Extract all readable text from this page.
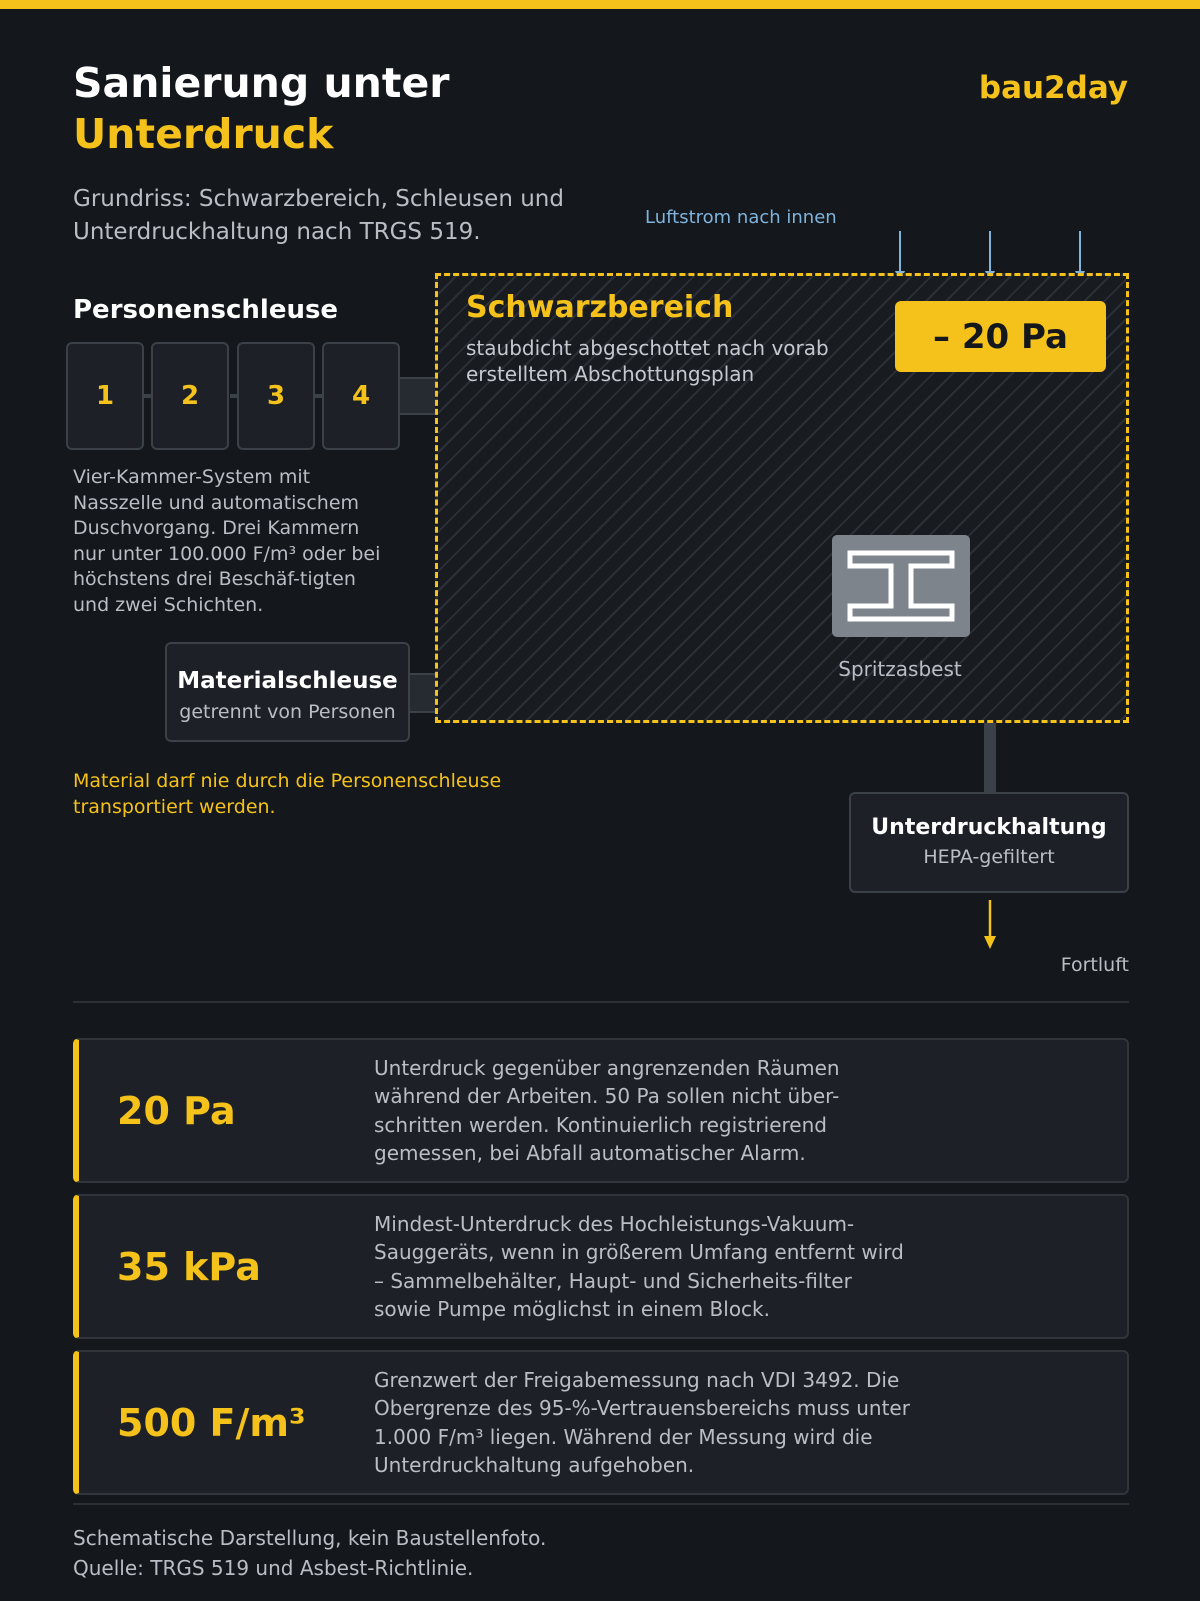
Sanierung unter
Unterdruck
bau2day
Grundriss: Schwarzbereich, Schleusen und Unterdruckhaltung nach TRGS 519.
Luftstrom nach innen
Personenschleuse
1	2	3	4
Vier-Kammer-System mit Nasszelle und automatischem Duschvorgang. Drei Kammern nur unter 100.000 F/m³ oder bei höchstens drei Beschäf-tigten und zwei Schichten.
Materialschleuse
getrennt von Personen
Material darf nie durch die Personenschleuse transportiert werden.
Schwarzbereich
staubdicht abgeschottet nach vorab erstelltem Abschottungsplan
– 20 Pa
Spritzasbest
Unterdruckhaltung
HEPA-gefiltert
Fortluft
20 Pa
Unterdruck gegenüber angrenzenden Räumen während der Arbeiten. 50 Pa sollen nicht über-schritten werden. Kontinuierlich registrierend gemessen, bei Abfall automatischer Alarm.
35 kPa
Mindest-Unterdruck des Hochleistungs-Vakuum-Sauggeräts, wenn in größerem Umfang entfernt wird – Sammelbehälter, Haupt- und Sicherheits-filter sowie Pumpe möglichst in einem Block.
500 F/m³
Grenzwert der Freigabemessung nach VDI 3492. Die Obergrenze des 95-%-Vertrauensbereichs muss unter 1.000 F/m³ liegen. Während der Messung wird die Unterdruckhaltung aufgehoben.
Schematische Darstellung, kein Baustellenfoto.
Quelle: TRGS 519 und Asbest-Richtlinie.
